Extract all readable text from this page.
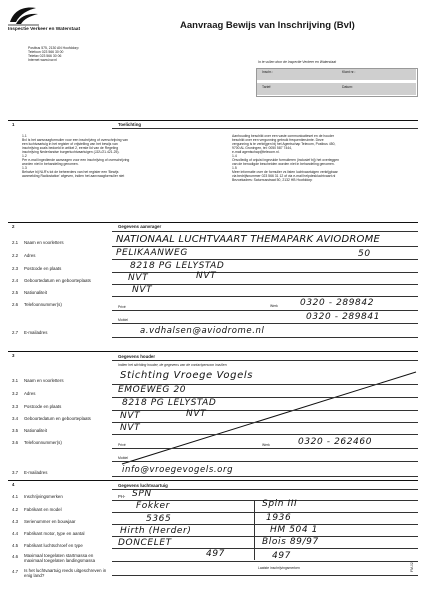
Inspectie Verkeer en Waterstaat	Aanvraag Bewijs van Inschrijving (BvI)
Postbus 575, 2130 AN Hoofddorp
Telefoon 023 566 30 00
Telefax 023 566 30 06
Internet www.ivw.nl	In te vullen door de Inspectie Verkeer en Waterstaat
Inschr.:	Klant nr.:
Tarief:	Datum:
1	Toelichting
1.1
BvI is het aanvraagformulier voor een inschrijving of overschrijving van
een luchtvaartuig in het register of vrijstelling van het bewijs van
inschrijving zoals bedoeld in artikel 2, eerste lid van de Regeling
inschrijving Nederlandse burgerluchtvaartuigen (JZ/L/21.421.25).
1.2
Per e-mail ingediende aanvragen voor een inschrijving of overschrijving
worden niet in behandeling genomen.
1.3
Behalve bij NLR's tot de beheerders van het register een 'Bewijs
aanmelding Radiostation' afgeven, indien het aanvraagformulier niet
Aanhouding beschikt over een vaste communicatieset en de houder
beschikt over een vergunning gebruik frequentieruimte. Deze
vergunning is te verkrijgen bij het Agentschap Telecom, Postbus 450,
9700 AL Groningen, tel: 0050 587 7444,
e-mail agentschap@telecom.nl.
1.4
Onvolledig of onjuist ingevulde formulieren (inclusief bij) het overleggen
van de benodigde bescheiden worden niet in behandeling genomen.
1.5
Meer informatie over de formulier vs listen luchtvaartuigen verkrijgbaar
via bedrijfsnummer 023 566 31 12 of via e-mail helpdeskluchtvaart.nl
Bezoekadres: Saturnusstraat 50, 2132 HB Hoofddorp
2	Gegevens aanvrager
2.1 Naam en voorletters	NATIONAAL LUCHTVAART THEMAPARK AVIODROME
2.2 Adres	PELIKAANWEG	50
2.3 Postcode en plaats	8218 PG LELYSTAD
2.4 Geboortedatum en geboorteplaats	NVT	NVT
2.5 Nationaliteit	NVT
2.6 Telefoonnummer(s)	Privé	Werk 0320 - 289842
Mobiel	0320 - 289841
2.7 E-mailadres	a.vdhalsen@aviodrome.nl
3	Gegevens houder
Indien het stichting houder, de gegevens van de contactpersoon invullen
3.1 Naam en voorletters	Stichting Vroege Vogels
3.2 Adres	EMOEWEG 20
3.3 Postcode en plaats	8218 PG LELYSTAD
3.4 Geboortedatum en geboorteplaats	NVT	NVT
3.5 Nationaliteit	NVT
3.6 Telefoonnummer(s)	Privé	Werk	0320 - 262460
Mobiel
3.7 E-mailadres	info@vroegevogels.org
4	Gegevens luchtvaartuig
4.1 Inschrijvingsmerken	PH- SPN
4.2 Fabrikant en model	Fokker	Spin III
4.3 Serienummer en bouwjaar	5365	1936
4.4 Fabrikant motor, type en aantal	Hirth (Herder)	HM 504 1
4.5 Fabrikant luchtschroef en type	DONCELET	Blois 89/97
4.6 Maximaal toegelaten startmassa en maximaal toegelaten landingsmassa
497	497
4.7 Is het luchtvaartuig reeds uitgeschreven in enig land?
Laatste inschrijvingsmerken	FM-02
